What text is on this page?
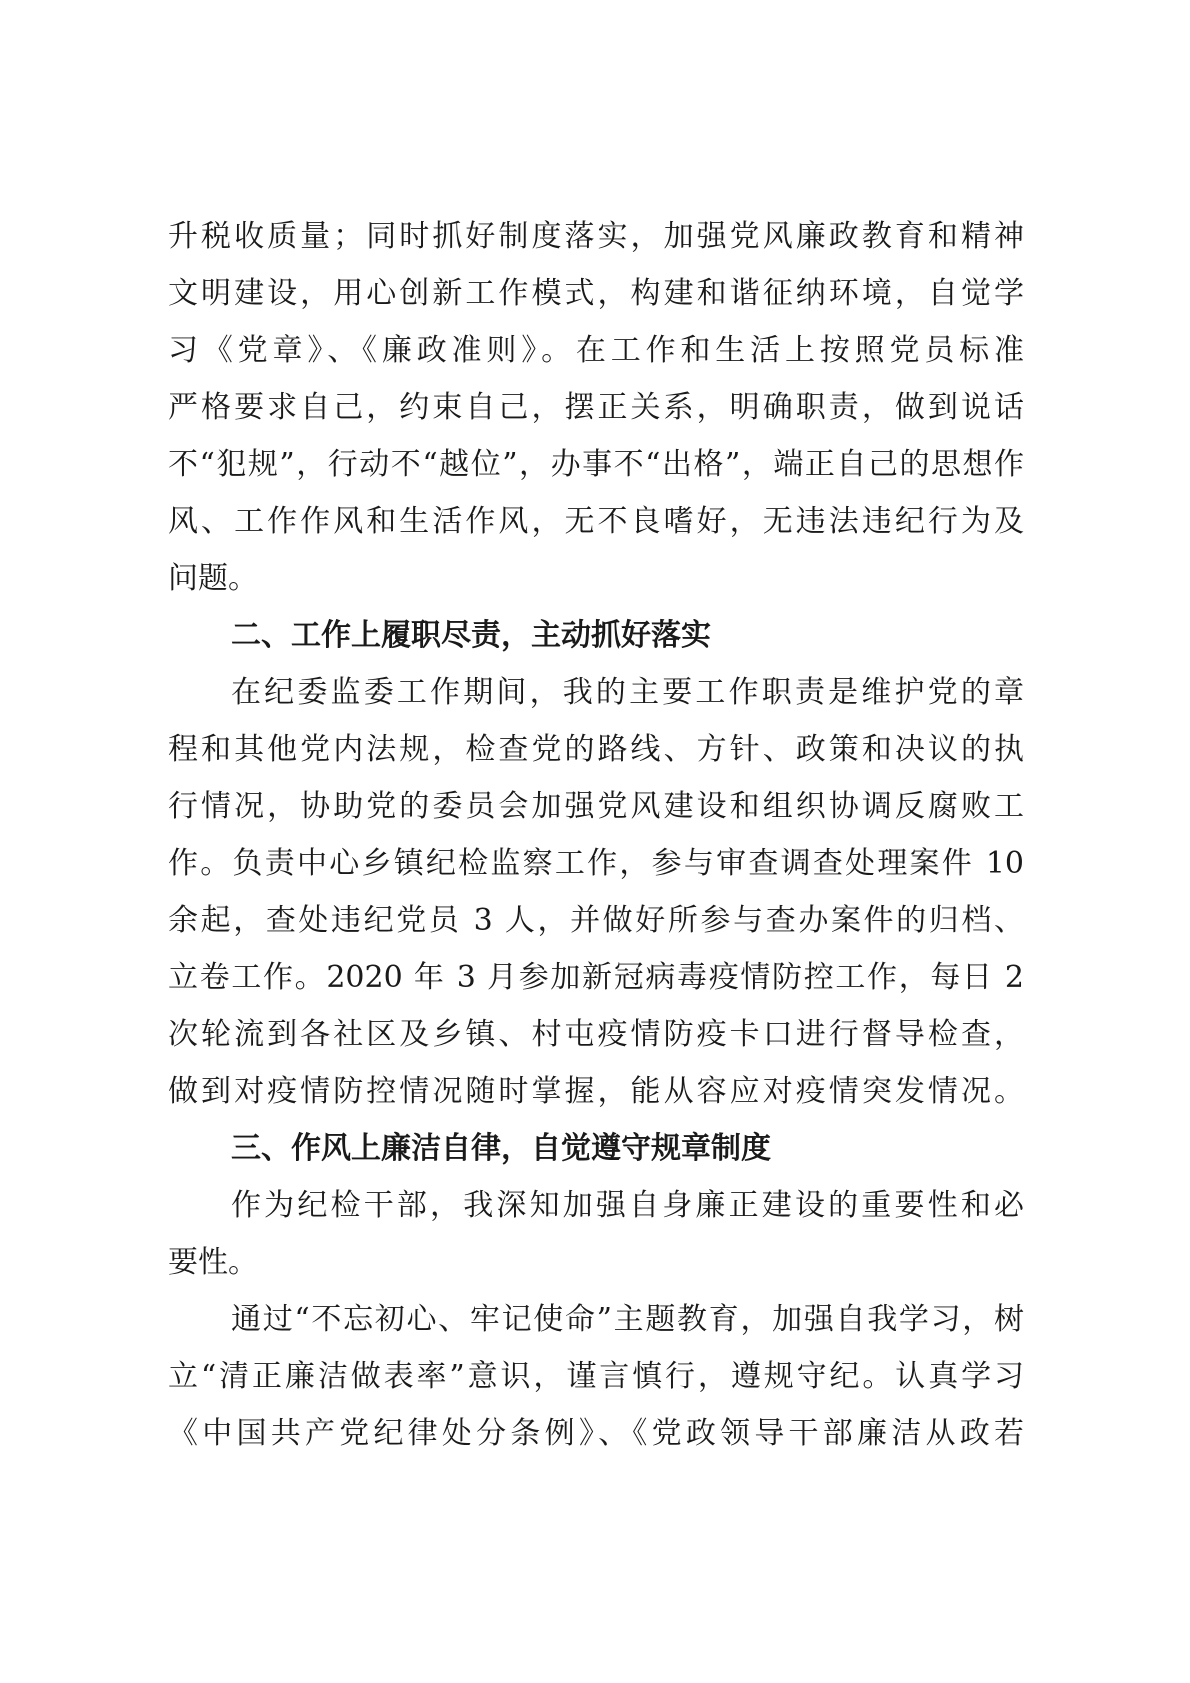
升税收质量；同时抓好制度落实，加强党风廉政教育和精神
文明建设，用心创新工作模式，构建和谐征纳环境，自觉学
习《党章》、《廉政准则》。在工作和生活上按照党员标准
严格要求自己，约束自己，摆正关系，明确职责，做到说话
不“犯规”，行动不“越位”，办事不“出格”，端正自己的思想作
风、工作作风和生活作风，无不良嗜好，无违法违纪行为及
问题。
二、工作上履职尽责，主动抓好落实
在纪委监委工作期间，我的主要工作职责是维护党的章
程和其他党内法规，检查党的路线、方针、政策和决议的执
行情况，协助党的委员会加强党风建设和组织协调反腐败工
作。负责中心乡镇纪检监察工作，参与审查调查处理案件 10
余起，查处违纪党员 3 人，并做好所参与查办案件的归档、
立卷工作。2020 年 3 月参加新冠病毒疫情防控工作，每日 2
次轮流到各社区及乡镇、村屯疫情防疫卡口进行督导检查，
做到对疫情防控情况随时掌握，能从容应对疫情突发情况。
三、作风上廉洁自律，自觉遵守规章制度
作为纪检干部，我深知加强自身廉正建设的重要性和必
要性。
通过“不忘初心、牢记使命”主题教育，加强自我学习，树
立“清正廉洁做表率”意识，谨言慎行，遵规守纪。认真学习
《中国共产党纪律处分条例》、《党政领导干部廉洁从政若
